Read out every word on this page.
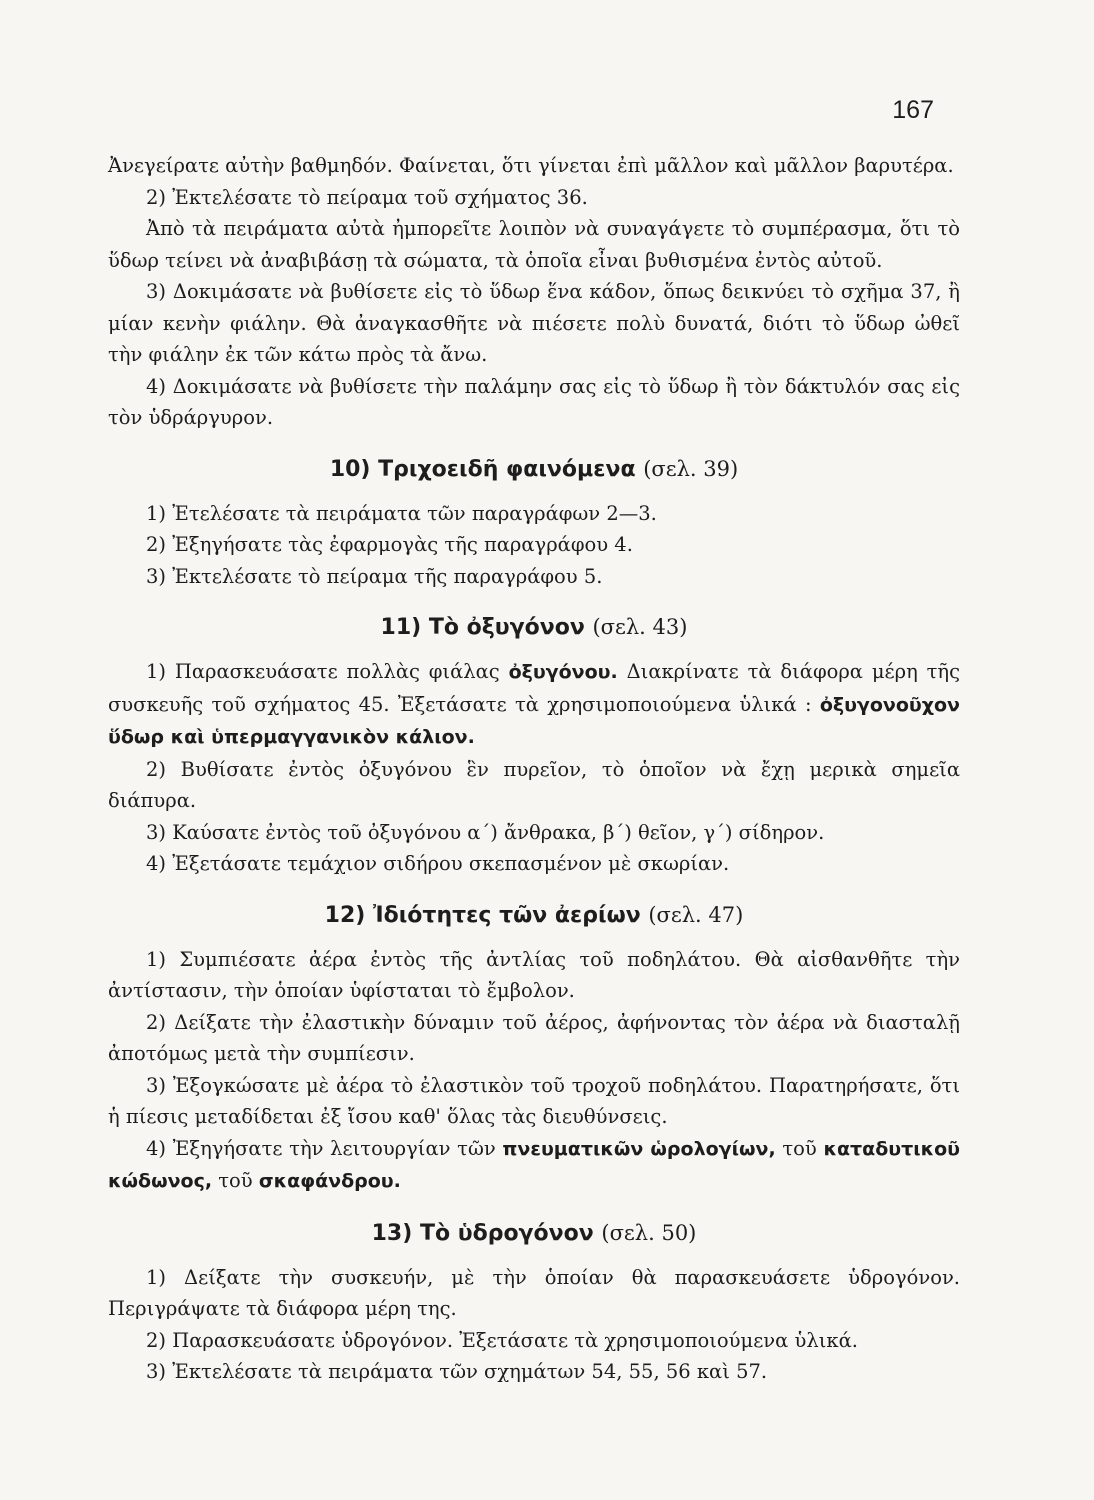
167

Ἀνεγείρατε αὐτὴν βαθμηδόν. Φαίνεται, ὅτι γίνεται ἐπὶ μᾶλλον καὶ μᾶλλον βαρυτέρα.

2) Ἐκτελέσατε τὸ πείραμα τοῦ σχήματος 36.

Ἀπὸ τὰ πειράματα αὐτὰ ἠμπορεῖτε λοιπὸν νὰ συναγάγετε τὸ συμπέρασμα, ὅτι τὸ ὕδωρ τείνει νὰ ἀναβιβάσῃ τὰ σώματα, τὰ ὁποῖα εἶναι βυθισμένα ἐντὸς αὐτοῦ.

3) Δοκιμάσατε νὰ βυθίσετε εἰς τὸ ὕδωρ ἕνα κάδον, ὅπως δεικνύει τὸ σχῆμα 37, ἢ μίαν κενὴν φιάλην. Θὰ ἀναγκασθῆτε νὰ πιέσετε πολὺ δυνατά, διότι τὸ ὕδωρ ὠθεῖ τὴν φιάλην ἐκ τῶν κάτω πρὸς τὰ ἄνω.

4) Δοκιμάσατε νὰ βυθίσετε τὴν παλάμην σας εἰς τὸ ὕδωρ ἢ τὸν δάκτυλόν σας εἰς τὸν ὑδράργυρον.

10) Τριχοειδῆ φαινόμενα (σελ. 39)

1) Ἐτελέσατε τὰ πειράματα τῶν παραγράφων 2—3.

2) Ἐξηγήσατε τὰς ἐφαρμογὰς τῆς παραγράφου 4.

3) Ἐκτελέσατε τὸ πείραμα τῆς παραγράφου 5.

11) Τὸ ὀξυγόνον (σελ. 43)

1) Παρασκευάσατε πολλὰς φιάλας ὀξυγόνου. Διακρίνατε τὰ διάφορα μέρη τῆς συσκευῆς τοῦ σχήματος 45. Ἐξετάσατε τὰ χρησιμοποιούμενα ὑλικά : ὀξυγονοῦχον ὕδωρ καὶ ὑπερμαγγανικὸν κάλιον.

2) Βυθίσατε ἐντὸς ὀξυγόνου ἓν πυρεῖον, τὸ ὁποῖον νὰ ἔχῃ μερικὰ σημεῖα διάπυρα.

3) Καύσατε ἐντὸς τοῦ ὀξυγόνου α΄) ἄνθρακα, β΄) θεῖον, γ΄) σίδηρον.

4) Ἐξετάσατε τεμάχιον σιδήρου σκεπασμένον μὲ σκωρίαν.

12) Ἰδιότητες τῶν ἀερίων (σελ. 47)

1) Συμπιέσατε ἀέρα ἐντὸς τῆς ἀντλίας τοῦ ποδηλάτου. Θὰ αἰσθανθῆτε τὴν ἀντίστασιν, τὴν ὁποίαν ὑφίσταται τὸ ἔμβολον.

2) Δείξατε τὴν ἐλαστικὴν δύναμιν τοῦ ἀέρος, ἀφήνοντας τὸν ἀέρα νὰ διασταλῇ ἀποτόμως μετὰ τὴν συμπίεσιν.

3) Ἐξογκώσατε μὲ ἀέρα τὸ ἐλαστικὸν τοῦ τροχοῦ ποδηλάτου. Παρατηρήσατε, ὅτι ἡ πίεσις μεταδίδεται ἐξ ἴσου καθ' ὅλας τὰς διευθύνσεις.

4) Ἐξηγήσατε τὴν λειτουργίαν τῶν πνευματικῶν ὡρολογίων, τοῦ καταδυτικοῦ κώδωνος, τοῦ σκαφάνδρου.

13) Τὸ ὑδρογόνον (σελ. 50)

1) Δείξατε τὴν συσκευήν, μὲ τὴν ὁποίαν θὰ παρασκευάσετε ὑδρογόνον. Περιγράψατε τὰ διάφορα μέρη της.

2) Παρασκευάσατε ὑδρογόνον. Ἐξετάσατε τὰ χρησιμοποιούμενα ὑλικά.

3) Ἐκτελέσατε τὰ πειράματα τῶν σχημάτων 54, 55, 56 καὶ 57.
